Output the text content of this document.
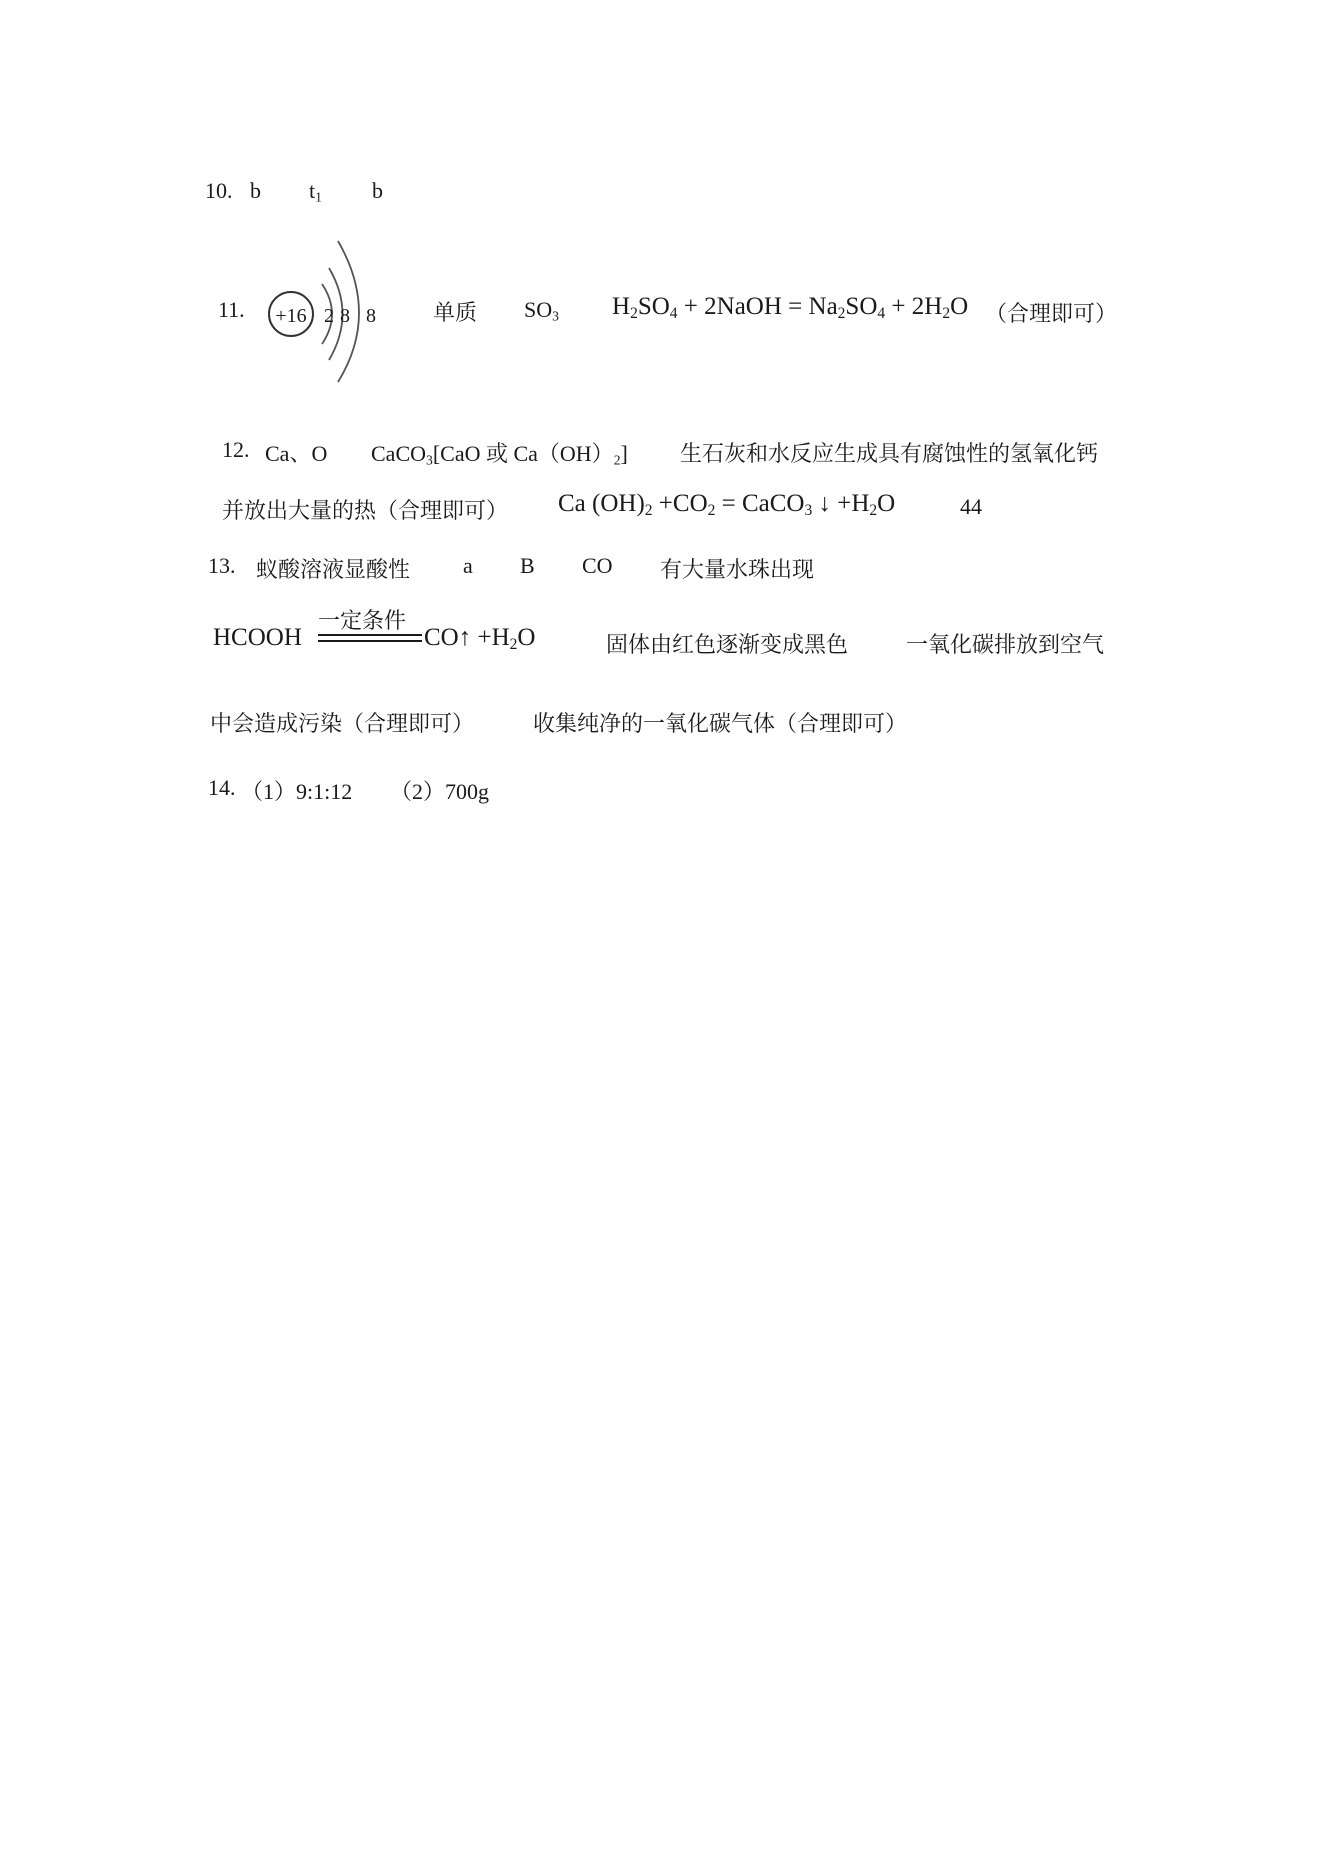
10. b $t_1$ b
11. +16 2 8 8	单质 $SO_3$ $H_2SO_4$ + 2NaOH = $Na_2SO_4 + 2H_2O$ （合理即可）
12. Ca、O CaCO$_3$[CaO 或 $Ca(OH)_2$] 生石灰和水反应生成具有腐蚀性的氢氧化钙
并放出大量的热（合理即可） Ca $(OH)_2 +CO_2$ = CaCO$_3$ ↓ $+H_2O$	44
13. 蚁酸溶液显酸性 a B CO 有大量水珠出现
HCOOH
一定条件
CO↑ $+H_2O$	固体由红色逐渐变成黑色	一氧化碳排放到空气
中会造成污染（合理即可）	收集纯净的一氧化碳气体（合理即可）
14. （1）9:1:12 （2）700g
